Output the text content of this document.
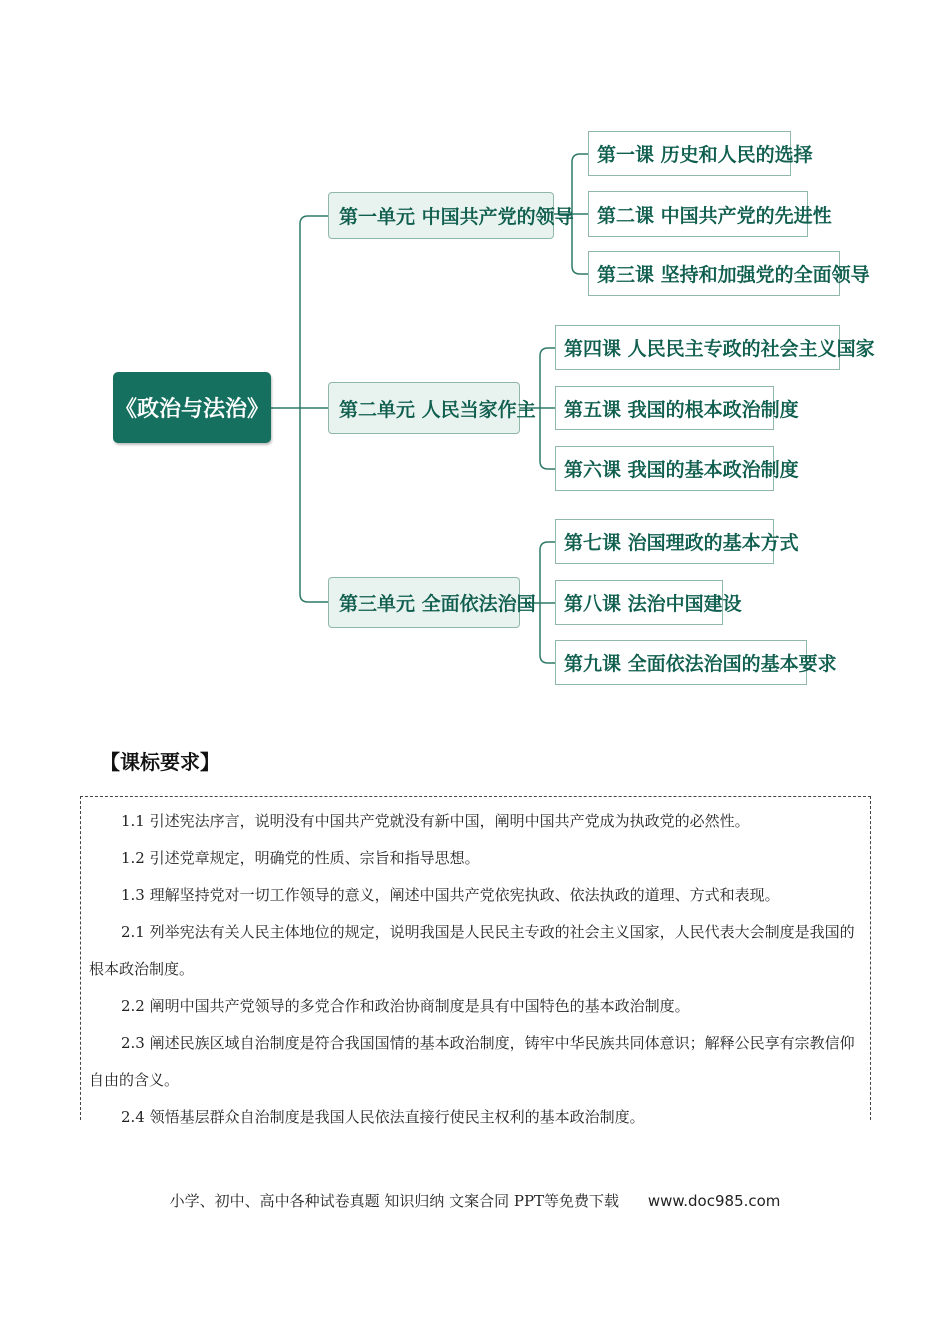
《政治与法治》
第一单元 中国共产党的领导
第二单元 人民当家作主
第三单元 全面依法治国
第一课 历史和人民的选择
第二课 中国共产党的先进性
第三课 坚持和加强党的全面领导
第四课 人民民主专政的社会主义国家
第五课 我国的根本政治制度
第六课 我国的基本政治制度
第七课 治国理政的基本方式
第八课 法治中国建设
第九课 全面依法治国的基本要求
【课标要求】

1.1 引述宪法序言，说明没有中国共产党就没有新中国，阐明中国共产党成为执政党的必然性。

1.2 引述党章规定，明确党的性质、宗旨和指导思想。

1.3 理解坚持党对一切工作领导的意义，阐述中国共产党依宪执政、依法执政的道理、方式和表现。

2.1 列举宪法有关人民主体地位的规定，说明我国是人民民主专政的社会主义国家，人民代表大会制度是我国的根本政治制度。

2.2 阐明中国共产党领导的多党合作和政治协商制度是具有中国特色的基本政治制度。

2.3 阐述民族区域自治制度是符合我国国情的基本政治制度，铸牢中华民族共同体意识；解释公民享有宗教信仰自由的含义。

2.4 领悟基层群众自治制度是我国人民依法直接行使民主权利的基本政治制度。

小学、初中、高中各种试卷真题 知识归纳 文案合同 PPT等免费下载 www.doc985.com
